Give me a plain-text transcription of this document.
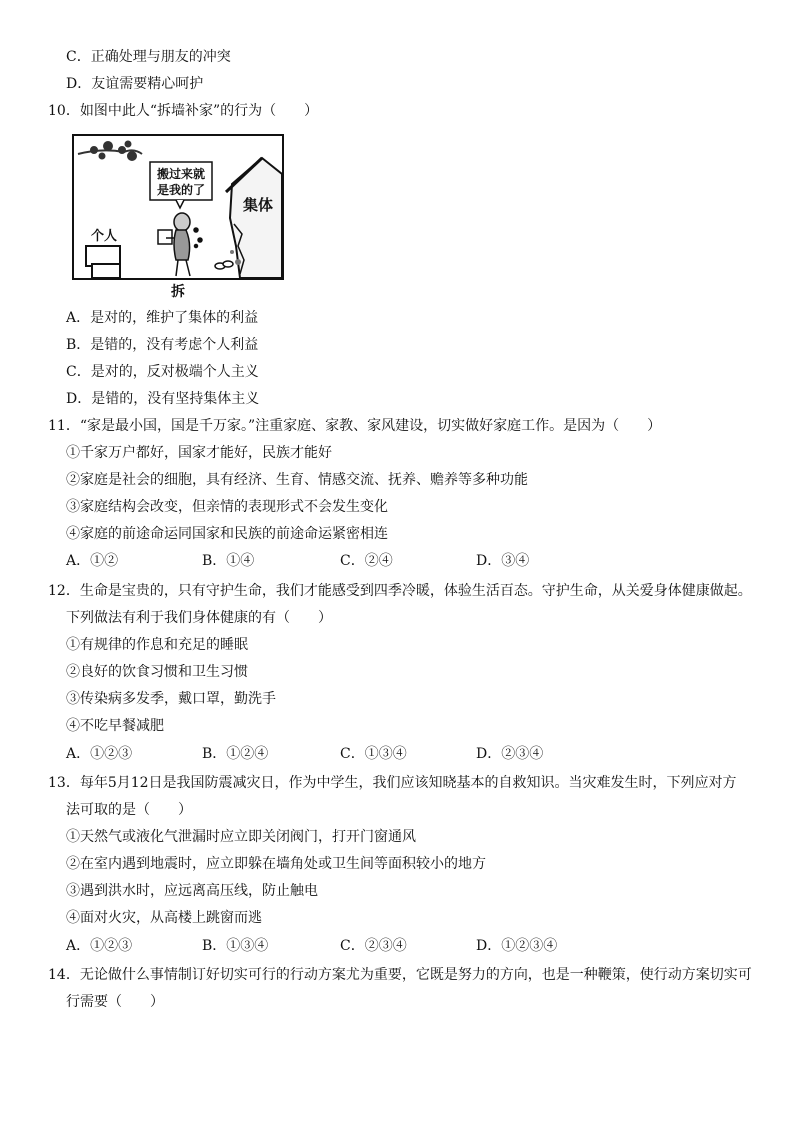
C．正确处理与朋友的冲突
D．友谊需要精心呵护
10．如图中此人“拆墙补家”的行为（　　）
搬过来就
是我的了
集体
个人
拆
A．是对的，维护了集体的利益
B．是错的，没有考虑个人利益
C．是对的，反对极端个人主义
D．是错的，没有坚持集体主义
11．“家是最小国，国是千万家。”注重家庭、家教、家风建设，切实做好家庭工作。是因为（　　）
①千家万户都好，国家才能好，民族才能好
②家庭是社会的细胞，具有经济、生育、情感交流、抚养、赡养等多种功能
③家庭结构会改变，但亲情的表现形式不会发生变化
④家庭的前途命运同国家和民族的前途命运紧密相连
A．①②	B．①④	C．②④	D．③④
12．生命是宝贵的，只有守护生命，我们才能感受到四季冷暖，体验生活百态。守护生命，从关爱身体健康做起。
下列做法有利于我们身体健康的有（　　）
①有规律的作息和充足的睡眠
②良好的饮食习惯和卫生习惯
③传染病多发季，戴口罩，勤洗手
④不吃早餐减肥
A．①②③	B．①②④	C．①③④	D．②③④
13．每年5月12日是我国防震减灾日，作为中学生，我们应该知晓基本的自救知识。当灾难发生时，下列应对方
法可取的是（　　）
①天然气或液化气泄漏时应立即关闭阀门，打开门窗通风
②在室内遇到地震时，应立即躲在墙角处或卫生间等面积较小的地方
③遇到洪水时，应远离高压线，防止触电
④面对火灾，从高楼上跳窗而逃
A．①②③	B．①③④	C．②③④	D．①②③④
14．无论做什么事情制订好切实可行的行动方案尤为重要，它既是努力的方向，也是一种鞭策，使行动方案切实可
行需要（　　）
